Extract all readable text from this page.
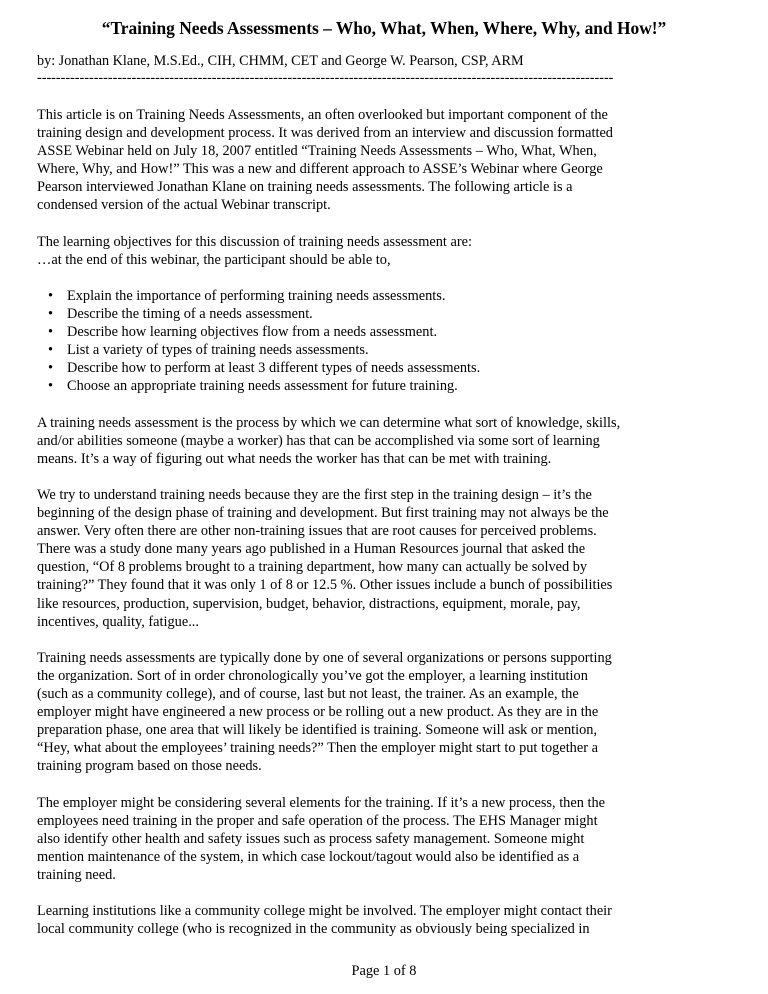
“Training Needs Assessments – Who, What, When, Where, Why, and How!”
by: Jonathan Klane, M.S.Ed., CIH, CHMM, CET and George W. Pearson, CSP, ARM
--------------------------------------------------------------------------------------------------------------------------

This article is on Training Needs Assessments, an often overlooked but important component of the
training design and development process. It was derived from an interview and discussion formatted
ASSE Webinar held on July 18, 2007 entitled “Training Needs Assessments – Who, What, When,
Where, Why, and How!” This was a new and different approach to ASSE’s Webinar where George
Pearson interviewed Jonathan Klane on training needs assessments. The following article is a
condensed version of the actual Webinar transcript.

The learning objectives for this discussion of training needs assessment are:
…at the end of this webinar, the participant should be able to,

• Explain the importance of performing training needs assessments.
• Describe the timing of a needs assessment.
• Describe how learning objectives flow from a needs assessment.
• List a variety of types of training needs assessments.
• Describe how to perform at least 3 different types of needs assessments.
• Choose an appropriate training needs assessment for future training.

A training needs assessment is the process by which we can determine what sort of knowledge, skills,
and/or abilities someone (maybe a worker) has that can be accomplished via some sort of learning
means. It’s a way of figuring out what needs the worker has that can be met with training.

We try to understand training needs because they are the first step in the training design – it’s the
beginning of the design phase of training and development. But first training may not always be the
answer. Very often there are other non-training issues that are root causes for perceived problems.
There was a study done many years ago published in a Human Resources journal that asked the
question, “Of 8 problems brought to a training department, how many can actually be solved by
training?” They found that it was only 1 of 8 or 12.5 %. Other issues include a bunch of possibilities
like resources, production, supervision, budget, behavior, distractions, equipment, morale, pay,
incentives, quality, fatigue...

Training needs assessments are typically done by one of several organizations or persons supporting
the organization. Sort of in order chronologically you’ve got the employer, a learning institution
(such as a community college), and of course, last but not least, the trainer. As an example, the
employer might have engineered a new process or be rolling out a new product. As they are in the
preparation phase, one area that will likely be identified is training. Someone will ask or mention,
“Hey, what about the employees’ training needs?” Then the employer might start to put together a
training program based on those needs.

The employer might be considering several elements for the training. If it’s a new process, then the
employees need training in the proper and safe operation of the process. The EHS Manager might
also identify other health and safety issues such as process safety management. Someone might
mention maintenance of the system, in which case lockout/tagout would also be identified as a
training need.

Learning institutions like a community college might be involved. The employer might contact their
local community college (who is recognized in the community as obviously being specialized in

Page 1 of 8
